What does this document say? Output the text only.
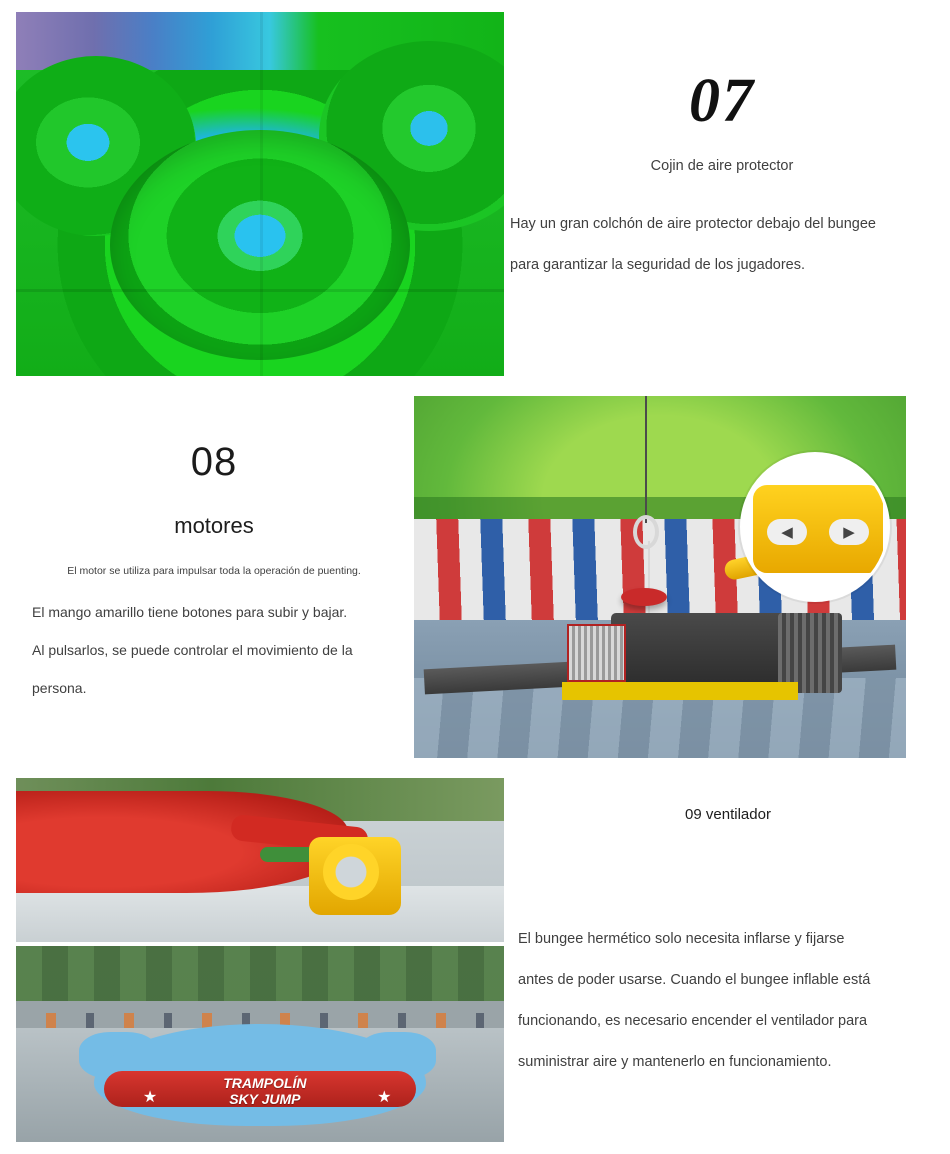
07
Cojin de aire protector
Hay un gran colchón de aire protector debajo del bungee
para garantizar la seguridad de los jugadores.
08
motores
El motor se utiliza para impulsar toda la operación de puenting.
El mango amarillo tiene botones para subir y bajar.
Al pulsarlos, se puede controlar el movimiento de la
persona.
◀	▶
★	★
TRAMPOLÍN
SKY JUMP
09 ventilador
El bungee hermético solo necesita inflarse y fijarse
antes de poder usarse. Cuando el bungee inflable está
funcionando, es necesario encender el ventilador para
suministrar aire y mantenerlo en funcionamiento.
